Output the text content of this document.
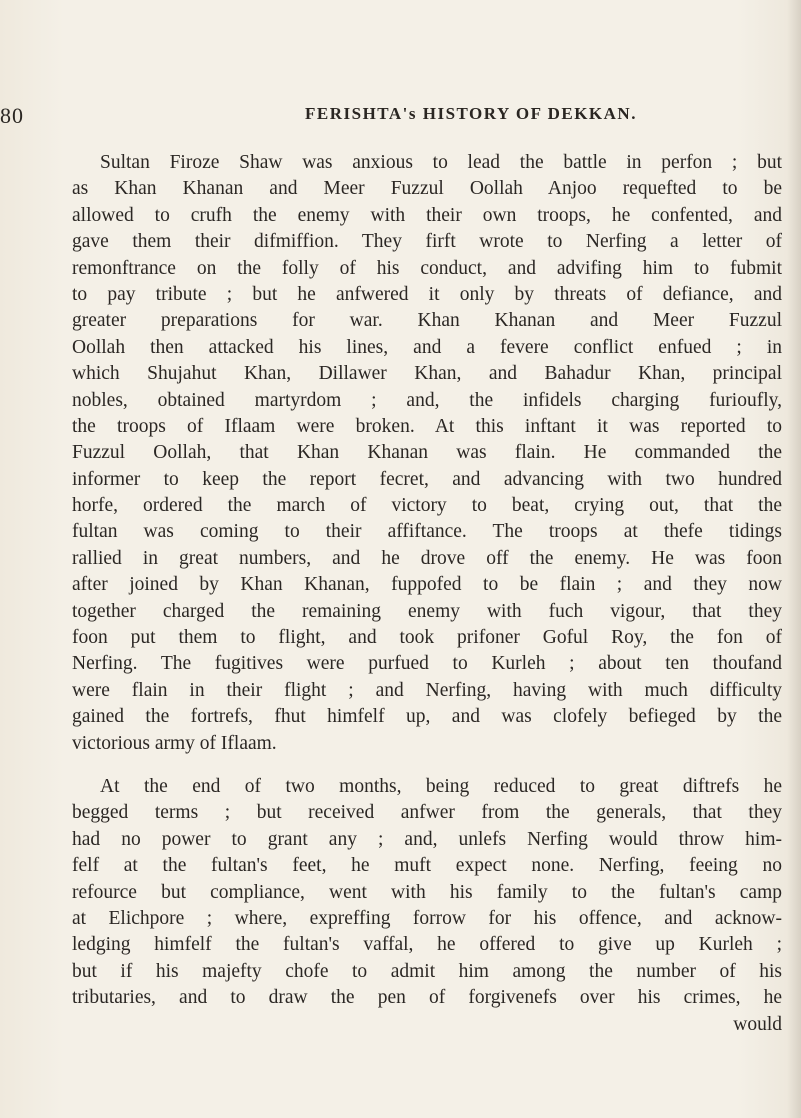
80	FERISHTA's HISTORY OF DEKKAN.
Sultan Firoze Shaw was anxious to lead the battle in perfon ; but
as Khan Khanan and Meer Fuzzul Oollah Anjoo requefted to be
allowed to crufh the enemy with their own troops, he confented, and
gave them their difmiffion. They firft wrote to Nerfing a letter of
remonftrance on the folly of his conduct, and advifing him to fubmit
to pay tribute ; but he anfwered it only by threats of defiance, and
greater preparations for war. Khan Khanan and Meer Fuzzul
Oollah then attacked his lines, and a fevere conflict enfued ; in
which Shujahut Khan, Dillawer Khan, and Bahadur Khan, principal
nobles, obtained martyrdom ; and, the infidels charging furioufly,
the troops of Iflaam were broken. At this inftant it was reported to
Fuzzul Oollah, that Khan Khanan was flain. He commanded the
informer to keep the report fecret, and advancing with two hundred
horfe, ordered the march of victory to beat, crying out, that the
fultan was coming to their affiftance. The troops at thefe tidings
rallied in great numbers, and he drove off the enemy. He was foon
after joined by Khan Khanan, fuppofed to be flain ; and they now
together charged the remaining enemy with fuch vigour, that they
foon put them to flight, and took prifoner Goful Roy, the fon of
Nerfing. The fugitives were purfued to Kurleh ; about ten thoufand
were flain in their flight ; and Nerfing, having with much difficulty
gained the fortrefs, fhut himfelf up, and was clofely befieged by the
victorious army of Iflaam.
At the end of two months, being reduced to great diftrefs he
begged terms ; but received anfwer from the generals, that they
had no power to grant any ; and, unlefs Nerfing would throw him-
felf at the fultan's feet, he muft expect none. Nerfing, feeing no
refource but compliance, went with his family to the fultan's camp
at Elichpore ; where, expreffing forrow for his offence, and acknow-
ledging himfelf the fultan's vaffal, he offered to give up Kurleh ;
but if his majefty chofe to admit him among the number of his
tributaries, and to draw the pen of forgivenefs over his crimes, he
would
